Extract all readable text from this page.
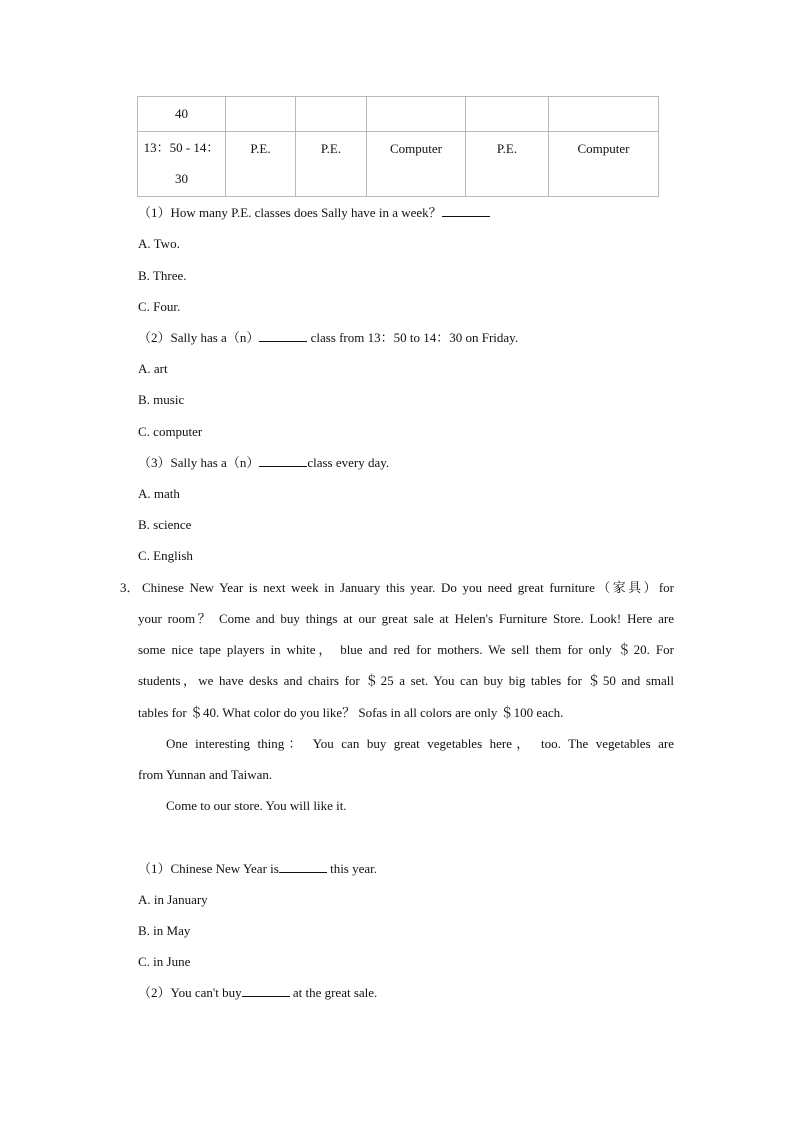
40					

13：50 - 14：
30	P.E.	P.E.	Computer	P.E.	Computer
（1）How many P.E. classes does Sally have in a week？
A. Two.
B. Three.
C. Four.
（2）Sally has a（n）	class from 13：50 to 14：30 on Friday.
A. art
B. music
C. computer
（3）Sally has a（n）	class every day.
A. math
B. science
C. English
3． Chinese New Year is next week in January this year. Do you need great furniture（家具）for
your room？ Come and buy things at our great sale at Helen's Furniture Store. Look! Here are
some nice tape players in white， blue and red for mothers. We sell them for only ＄20. For
students，we have desks and chairs for ＄25 a set. You can buy big tables for ＄50 and small
tables for ＄40. What color do you like？ Sofas in all colors are only ＄100 each.
One interesting thing： You can buy great vegetables here， too. The vegetables are
from Yunnan and Taiwan.
Come to our store. You will like it.
（1）Chinese New Year is	this year.
A. in January
B. in May
C. in June
（2）You can't buy	at the great sale.
